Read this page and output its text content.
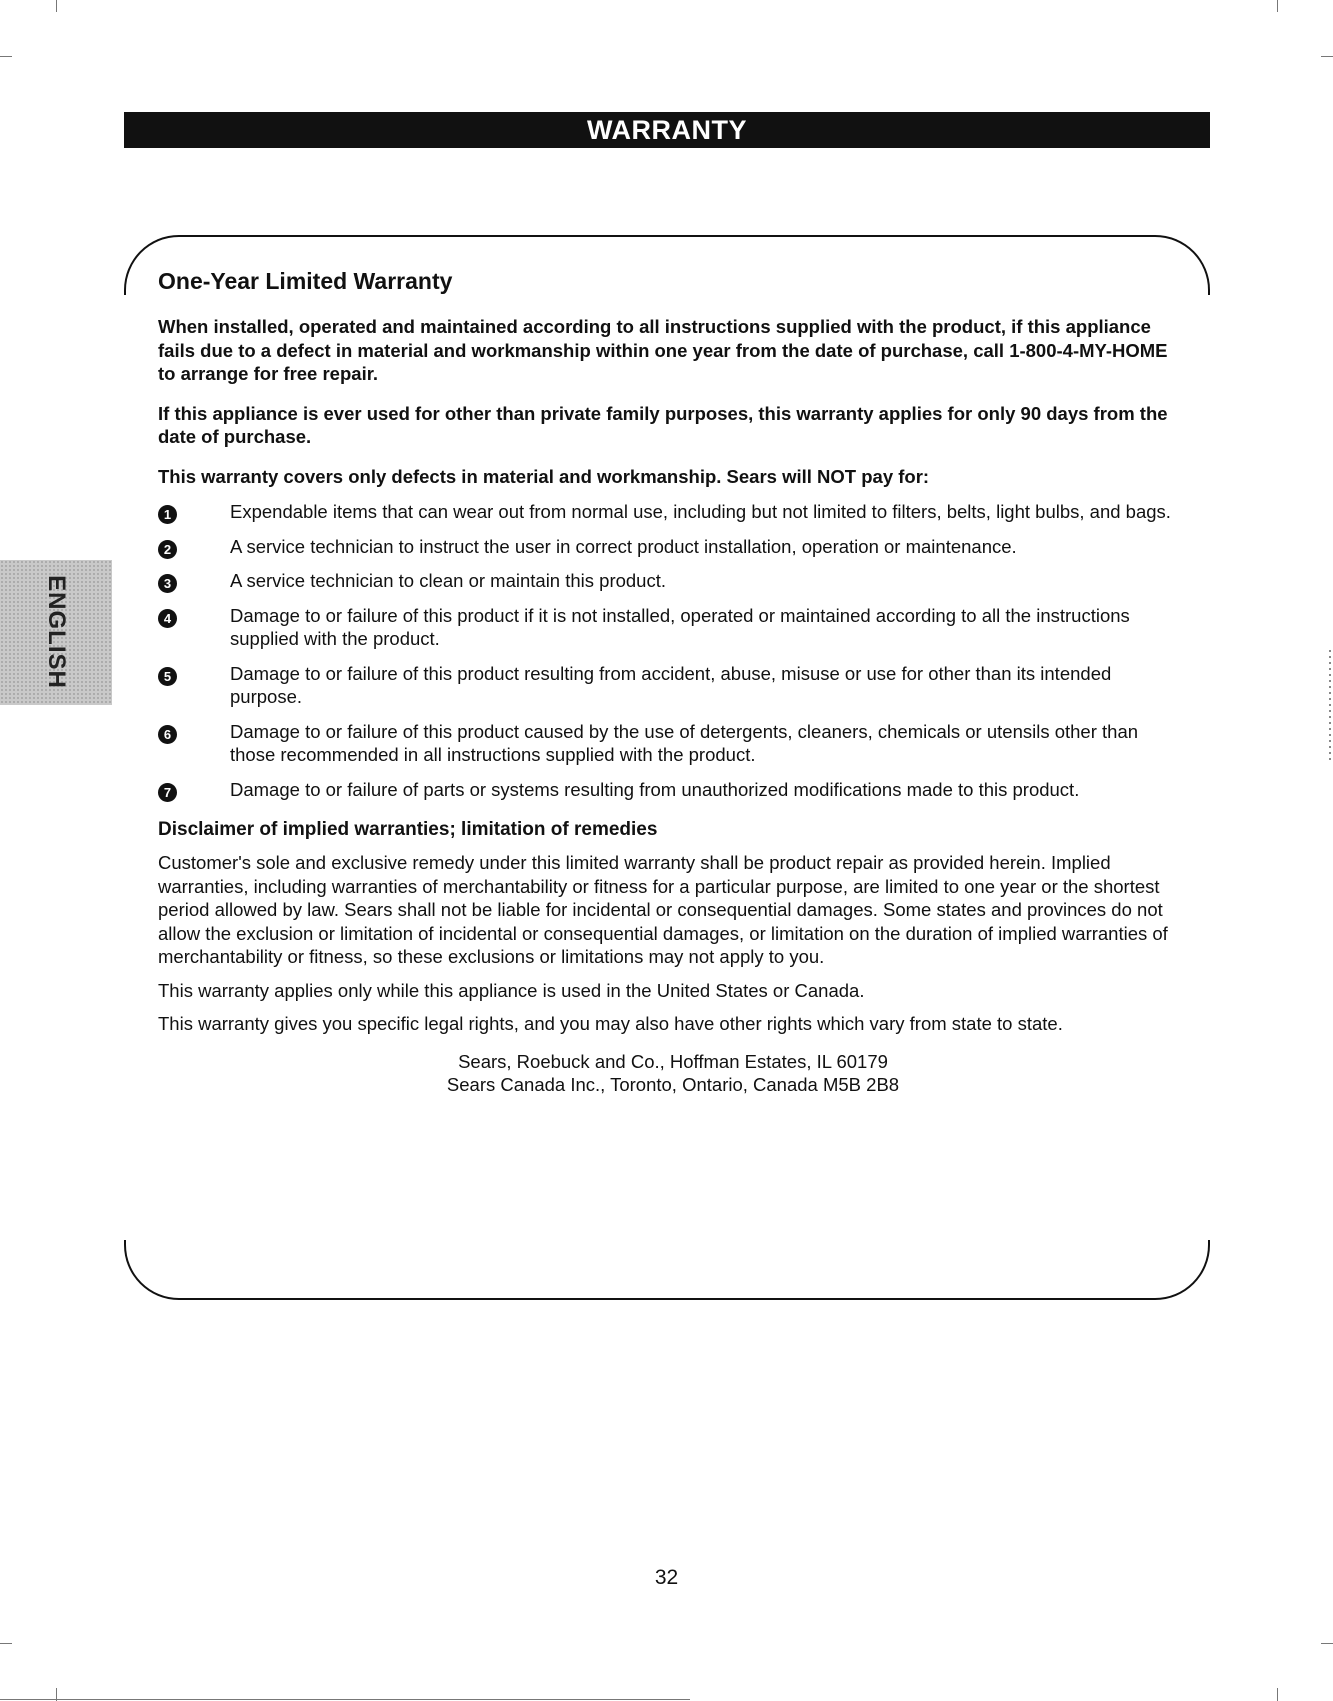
WARRANTY
ENGLISH
One-Year Limited Warranty

When installed, operated and maintained according to all instructions supplied with the product, if this appliance fails due to a defect in material and workmanship within one year from the date of purchase, call 1-800-4-MY-HOME to arrange for free repair.

If this appliance is ever used for other than private family purposes, this warranty applies for only 90 days from the date of purchase.

This warranty covers only defects in material and workmanship. Sears will NOT pay for:

1	Expendable items that can wear out from normal use, including but not limited to filters, belts, light bulbs, and bags.
2	A service technician to instruct the user in correct product installation, operation or maintenance.
3	A service technician to clean or maintain this product.
4	Damage to or failure of this product if it is not installed, operated or maintained according to all the instructions supplied with the product.
5	Damage to or failure of this product resulting from accident, abuse, misuse or use for other than its intended purpose.
6	Damage to or failure of this product caused by the use of detergents, cleaners, chemicals or utensils other than those recommended in all instructions supplied with the product.
7	Damage to or failure of parts or systems resulting from unauthorized modifications made to this product.
Disclaimer of implied warranties; limitation of remedies

Customer's sole and exclusive remedy under this limited warranty shall be product repair as provided herein. Implied warranties, including warranties of merchantability or fitness for a particular purpose, are limited to one year or the shortest period allowed by law. Sears shall not be liable for incidental or consequential damages. Some states and provinces do not allow the exclusion or limitation of incidental or consequential damages, or limitation on the duration of implied warranties of merchantability or fitness, so these exclusions or limitations may not apply to you.

This warranty applies only while this appliance is used in the United States or Canada.

This warranty gives you specific legal rights, and you may also have other rights which vary from state to state.

Sears, Roebuck and Co., Hoffman Estates, IL 60179
Sears Canada Inc., Toronto, Ontario, Canada M5B 2B8
32
